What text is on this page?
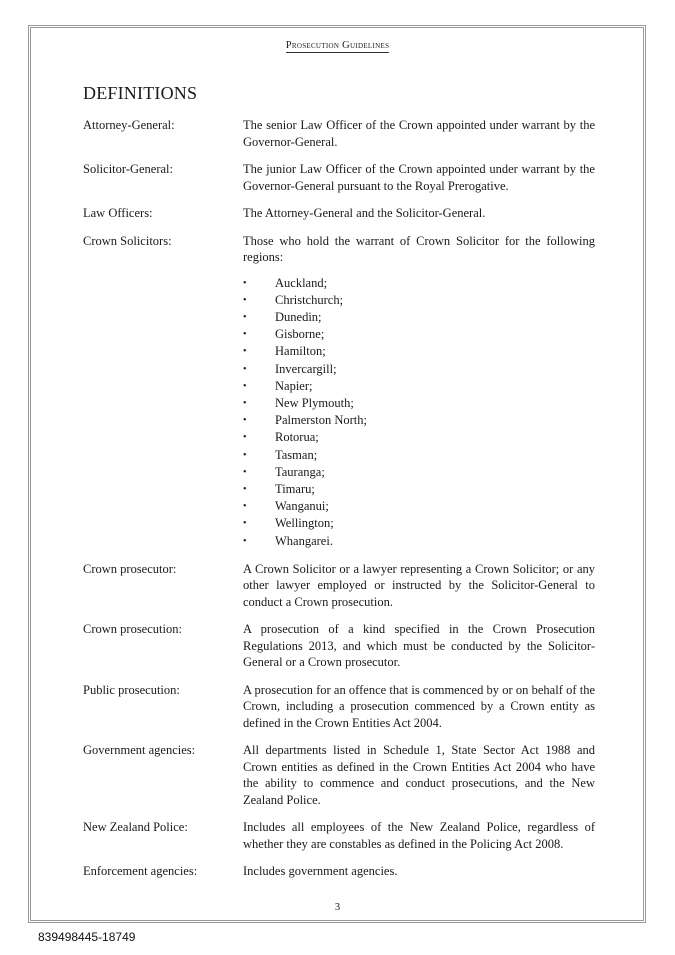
Prosecution Guidelines
DEFINITIONS
Attorney-General:	The senior Law Officer of the Crown appointed under warrant by the Governor-General.

Solicitor-General:	The junior Law Officer of the Crown appointed under warrant by the Governor-General pursuant to the Royal Prerogative.

Law Officers:	The Attorney-General and the Solicitor-General.

Crown Solicitors:	Those who hold the warrant of Crown Solicitor for the following regions:

•	Auckland;
•	Christchurch;
•	Dunedin;
•	Gisborne;
•	Hamilton;
•	Invercargill;
•	Napier;
•	New Plymouth;
•	Palmerston North;
•	Rotorua;
•	Tasman;
•	Tauranga;
•	Timaru;
•	Wanganui;
•	Wellington;
•	Whangarei.
Crown prosecutor:	A Crown Solicitor or a lawyer representing a Crown Solicitor; or any other lawyer employed or instructed by the Solicitor-General to conduct a Crown prosecution.

Crown prosecution:	A prosecution of a kind specified in the Crown Prosecution Regulations 2013, and which must be conducted by the Solicitor-General or a Crown prosecutor.

Public prosecution:	A prosecution for an offence that is commenced by or on behalf of the Crown, including a prosecution commenced by a Crown entity as defined in the Crown Entities Act 2004.

Government agencies:	All departments listed in Schedule 1, State Sector Act 1988 and Crown entities as defined in the Crown Entities Act 2004 who have the ability to commence and conduct prosecutions, and the New Zealand Police.

New Zealand Police:	Includes all employees of the New Zealand Police, regardless of whether they are constables as defined in the Policing Act 2008.

Enforcement agencies:	Includes government agencies.

3
839498445-18749
